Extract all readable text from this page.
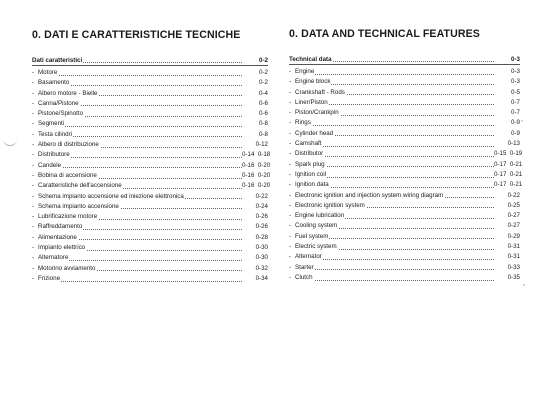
0. DATI E CARATTERISTICHE TECNICHE
Dati caratteristici	0-2
- Motore	0-2
- Basamento	0-2
- Albero motore - Bielle	0-4
- Canna/Pistone	0-6
- Pistone/Spinotto	0-6
- Segmenti	0-8
- Testa cilindri	0-8
- Albero di distribuzione	0-12
- Distributore	0-14  0-18
- Candele	0-16  0-20
- Bobina di accensione	0-16  0-20
- Caratteristiche dell'accensione	0-16  0-20
- Schema impianto accensione ed iniezione elettronica	0-22
- Schema impianto accensione	0-24
- Lubrificazione motore	0-26
- Raffreddamento	0-26
- Alimentazione	0-28
- Impianto elettrico	0-30
- Alternatore	0-30
- Motorino avviamento	0-32
- Frizione	0-34
0. DATA AND TECHNICAL FEATURES
Technical data	0-3
- Engine	0-3
- Engine block	0-3
- Crankshaft - Rods	0-5
- Liner/Piston	0-7
- Piston/Crankpin	0-7
- Rings	0-9
- Cylinder head	0-9
- Camshaft	0-13
- Distributor	0-15  0-19
- Spark plug	0-17  0-21
- Ignition coil	0-17  0-21
- Ignition data	0-17  0-21
- Electronic ignition and injection system wiring diagram	0-22
- Electronic ignition system	0-25
- Engine lubrication	0-27
- Cooling system	0-27
- Fuel system	0-29
- Electric system	0-31
- Alternator	0-31
- Starter	0-33
- Clutch	0-35
